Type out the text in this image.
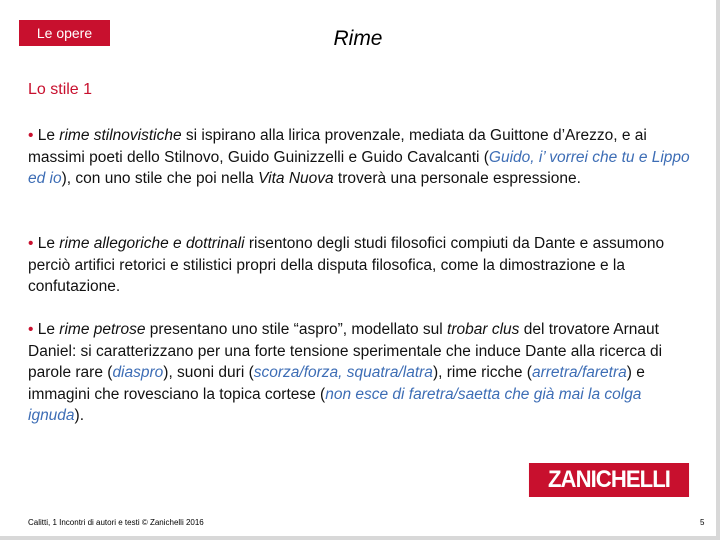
Le opere	Rime
Lo stile 1
• Le rime stilnovistiche si ispirano alla lirica provenzale, mediata da Guittone d’Arezzo, e ai massimi poeti dello Stilnovo, Guido Guinizzelli e Guido Cavalcanti (Guido, i’ vorrei che tu e Lippo ed io), con uno stile che poi nella Vita Nuova troverà una personale espressione.
• Le rime allegoriche e dottrinali risentono degli studi filosofici compiuti da Dante e assumono perciò artifici retorici e stilistici propri della disputa filosofica, come la dimostrazione e la confutazione.
• Le rime petrose presentano uno stile “aspro”, modellato sul trobar clus del trovatore Arnaut Daniel: si caratterizzano per una forte tensione sperimentale che induce Dante alla ricerca di parole rare (diaspro), suoni duri (scorza/forza, squatra/latra), rime ricche (arretra/faretra) e immagini che rovesciano la topica cortese (non esce di faretra/saetta che già mai la colga ignuda).
ZANICHELLI
Calitti, 1 Incontri di autori e testi © Zanichelli 2016	5
